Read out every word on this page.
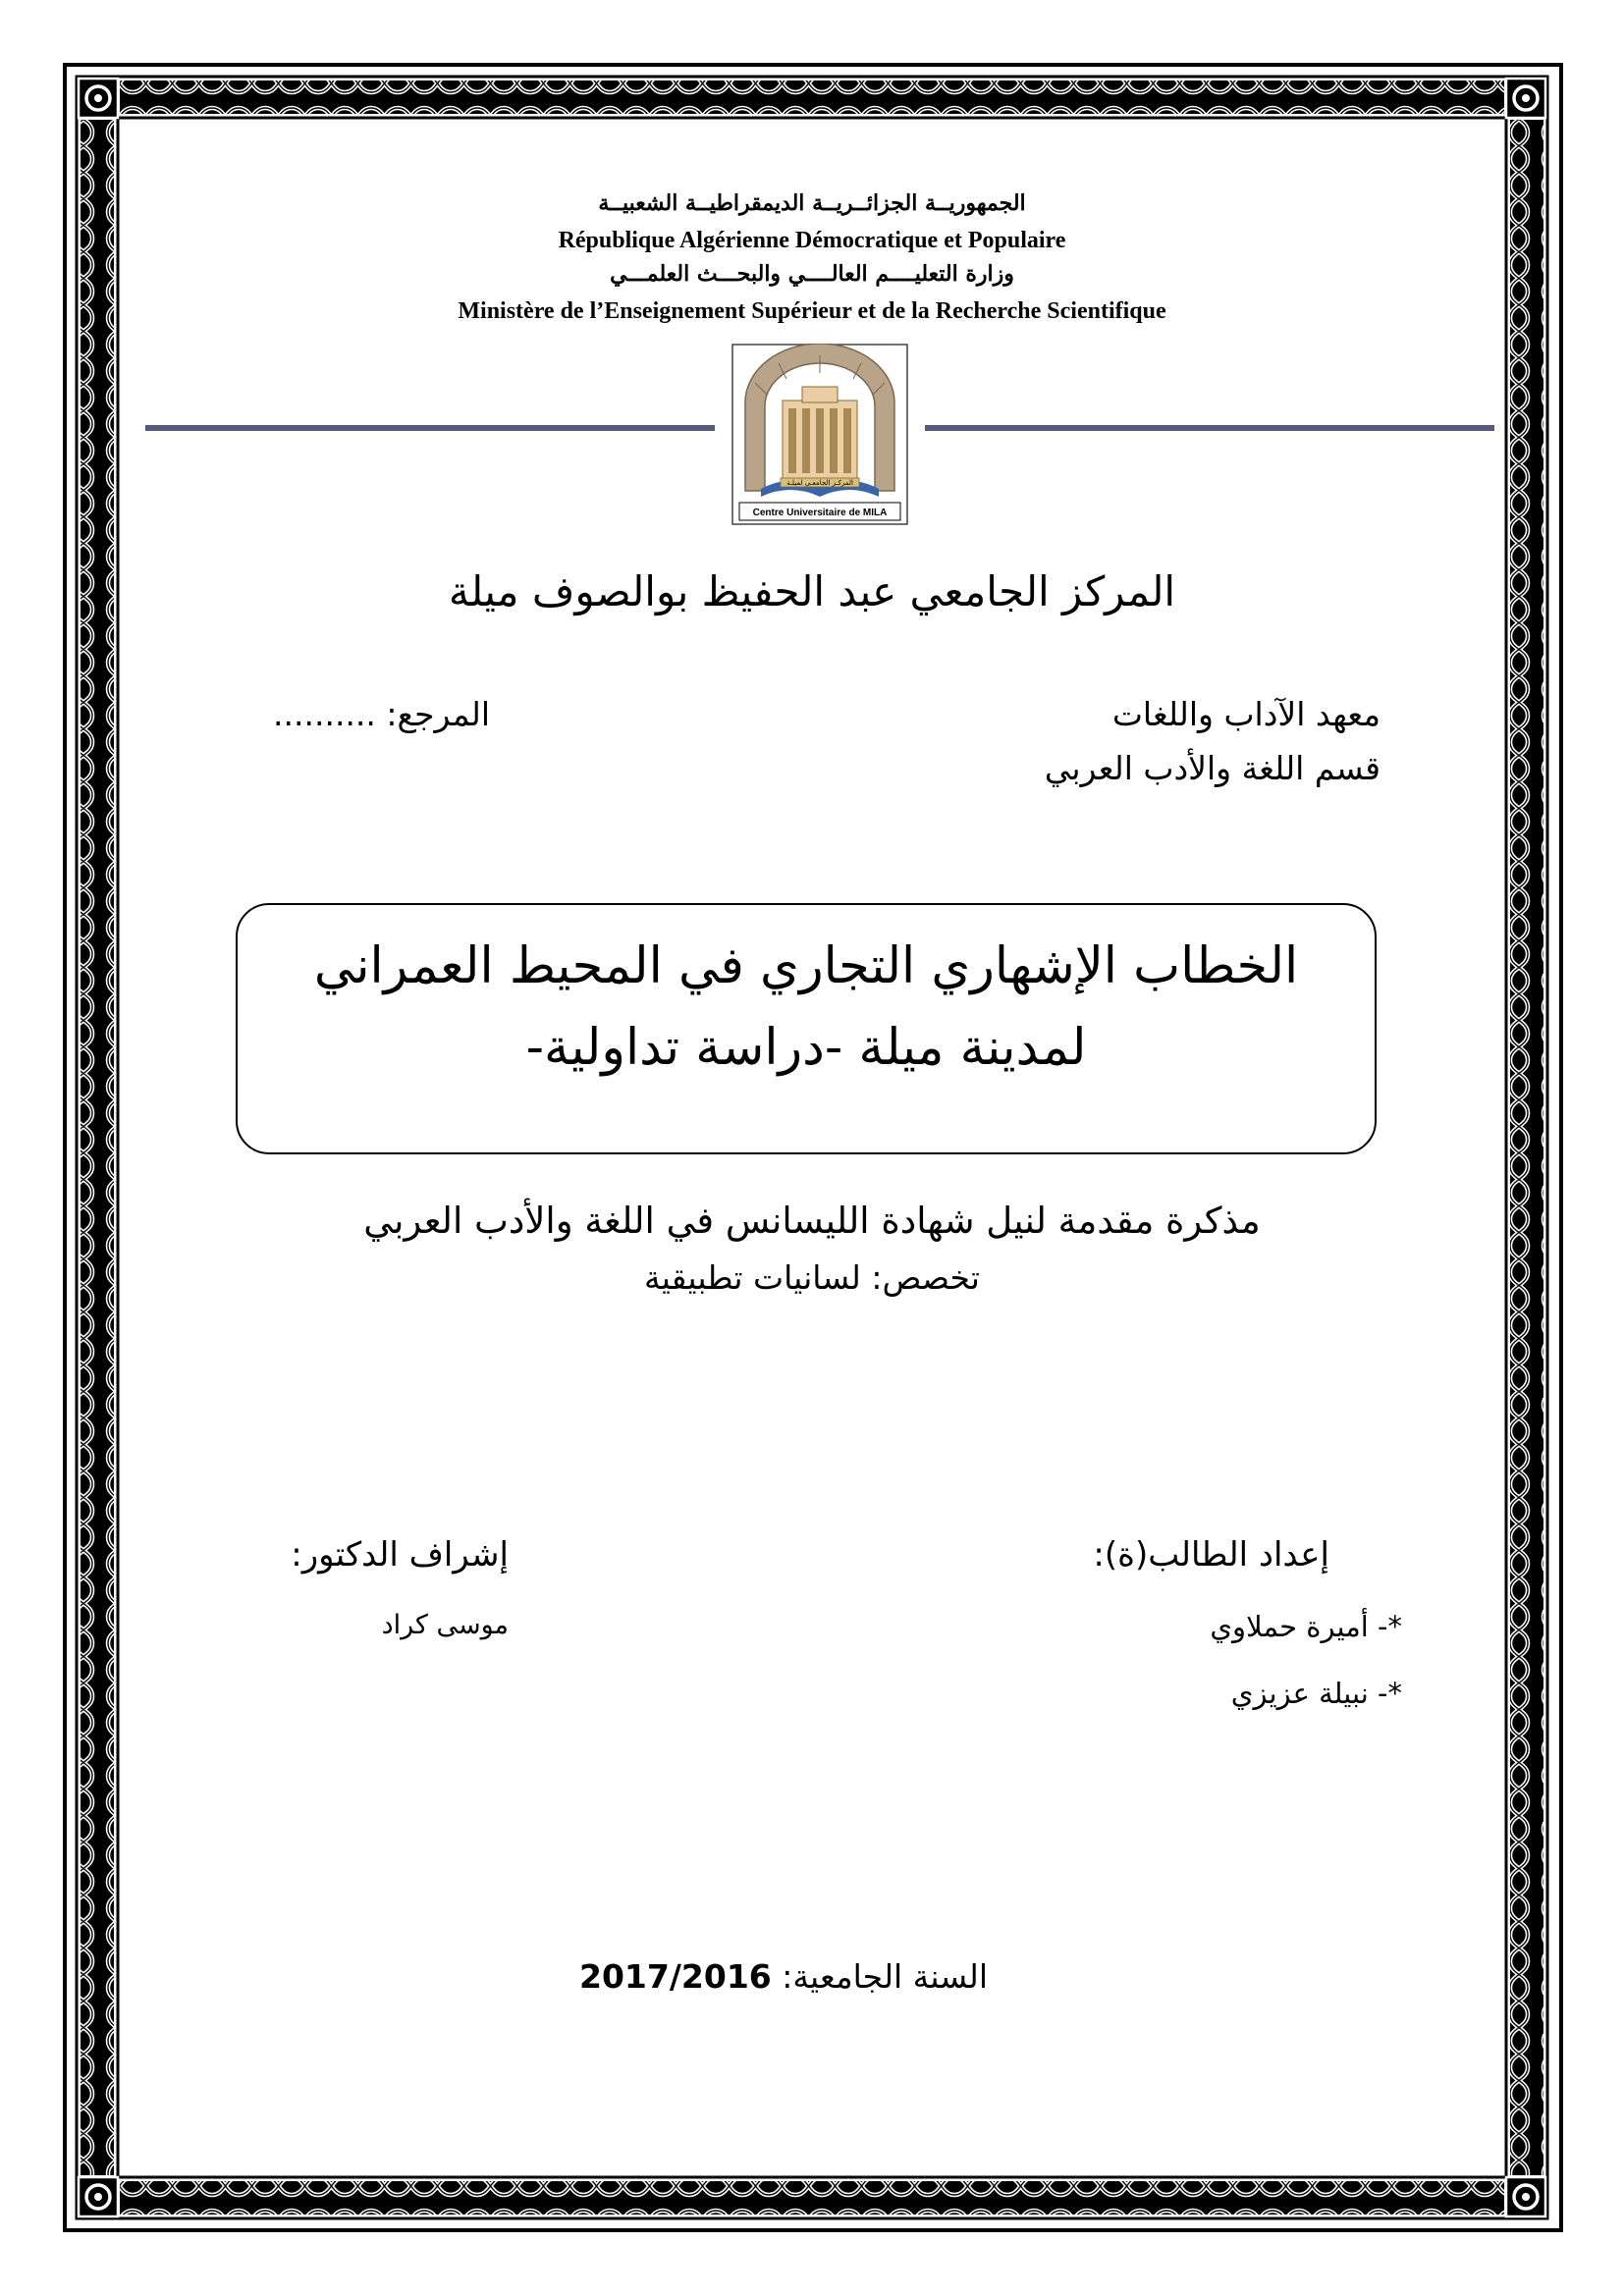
الجمهوريــة الجزائــريــة الديمقراطيــة الشعبيــة
République Algérienne Démocratique et Populaire
وزارة التعليــــم العالــــي والبحـــث العلمـــي
Ministère de l’Enseignement Supérieur et de la Recherche Scientifique
Centre Universitaire de MILA
المركـز الجامعـي لميلـة
المركز الجامعي عبد الحفيظ بوالصوف ميلة
معهد الآداب واللغات
المرجع: ..........
قسم اللغة والأدب العربي
الخطاب الإشهاري التجاري في المحيط العمراني
لمدينة ميلة -دراسة تداولية-
مذكرة مقدمة لنيل شهادة الليسانس في اللغة والأدب العربي
تخصص: لسانيات تطبيقية
إعداد الطالب(ة):
*- أميرة حملاوي
*- نبيلة عزيزي
إشراف الدكتور:
موسى كراد
السنة الجامعية: 2017/2016
